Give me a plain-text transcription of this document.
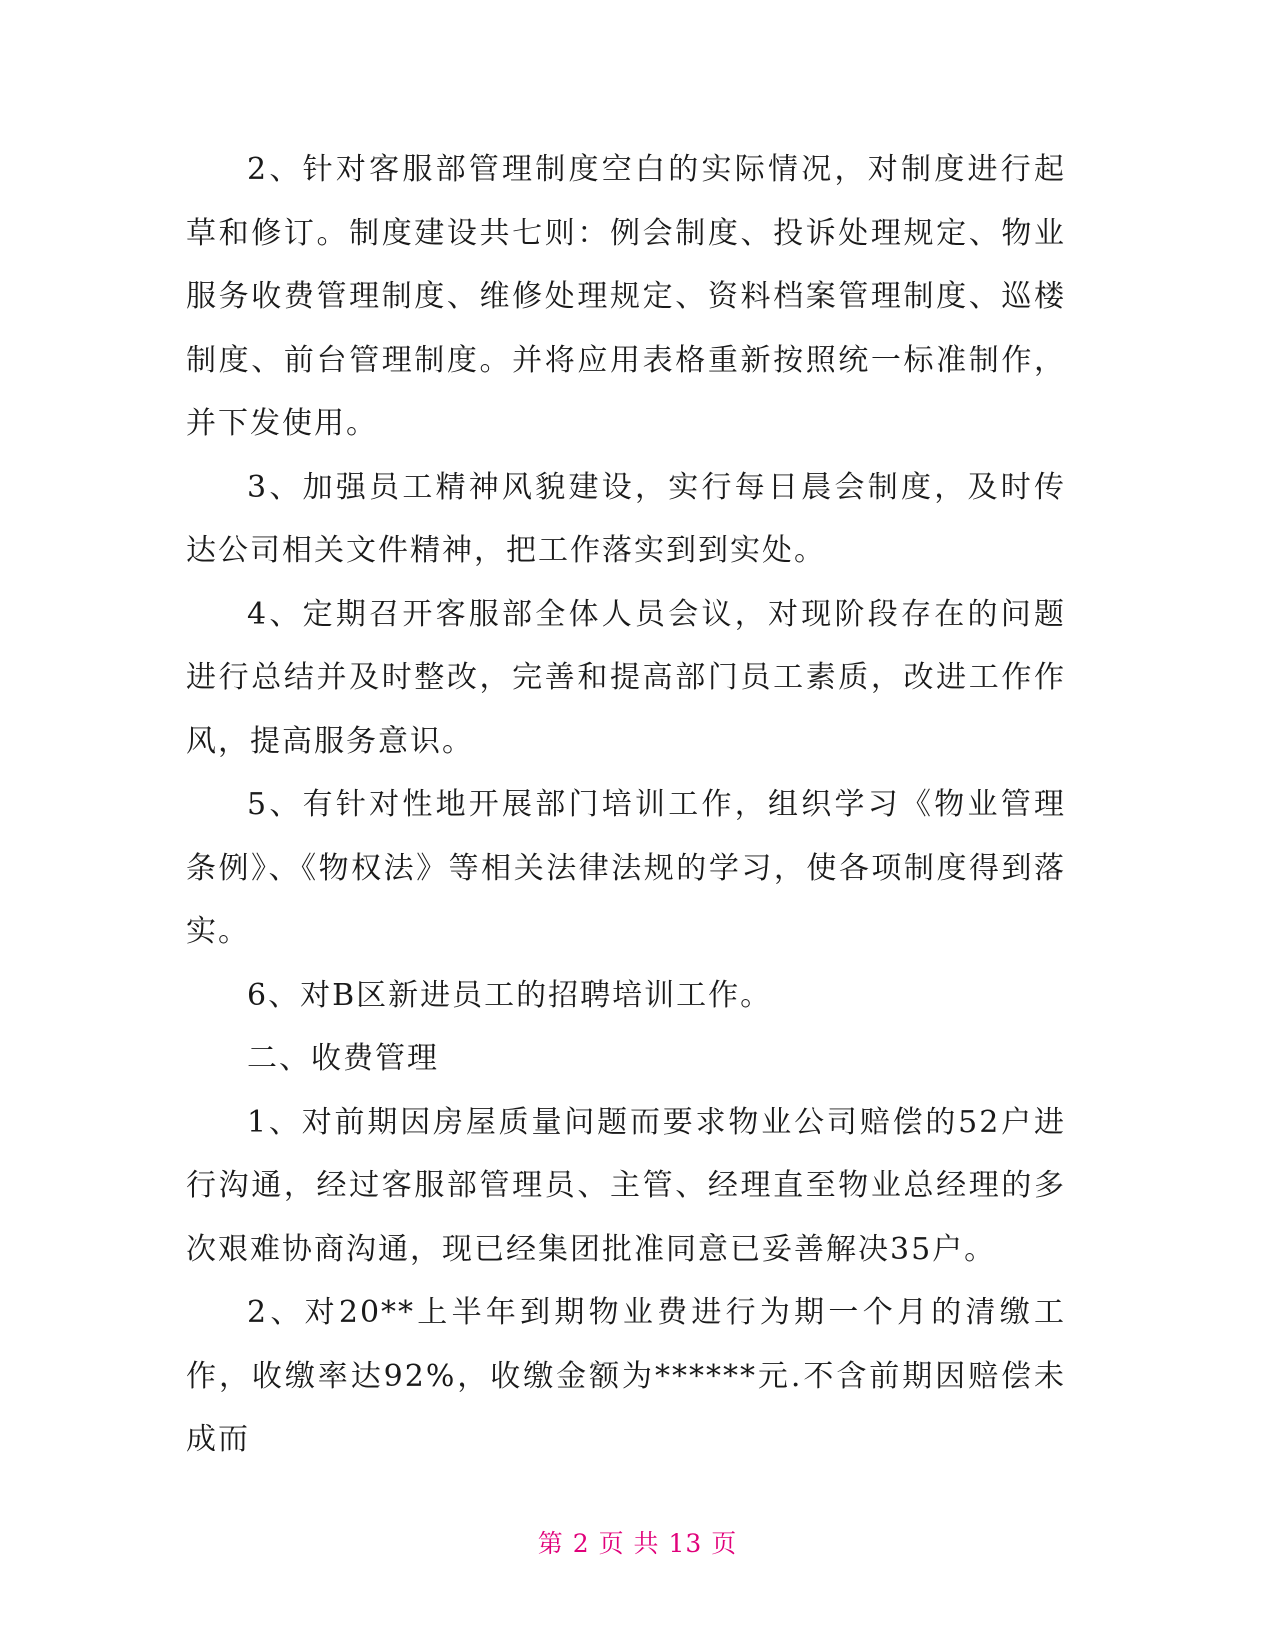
2、针对客服部管理制度空白的实际情况，对制度进行起草和修订。制度建设共七则：例会制度、投诉处理规定、物业服务收费管理制度、维修处理规定、资料档案管理制度、巡楼制度、前台管理制度。并将应用表格重新按照统一标准制作，并下发使用。

3、加强员工精神风貌建设，实行每日晨会制度，及时传达公司相关文件精神，把工作落实到到实处。

4、定期召开客服部全体人员会议，对现阶段存在的问题进行总结并及时整改，完善和提高部门员工素质，改进工作作风，提高服务意识。

5、有针对性地开展部门培训工作，组织学习《物业管理条例》、《物权法》等相关法律法规的学习，使各项制度得到落实。

6、对B区新进员工的招聘培训工作。

二、收费管理

1、对前期因房屋质量问题而要求物业公司赔偿的52户进行沟通，经过客服部管理员、主管、经理直至物业总经理的多次艰难协商沟通，现已经集团批准同意已妥善解决35户。

2、对20**上半年到期物业费进行为期一个月的清缴工作，收缴率达92%，收缴金额为******元.不含前期因赔偿未成而

第 2 页 共 13 页
